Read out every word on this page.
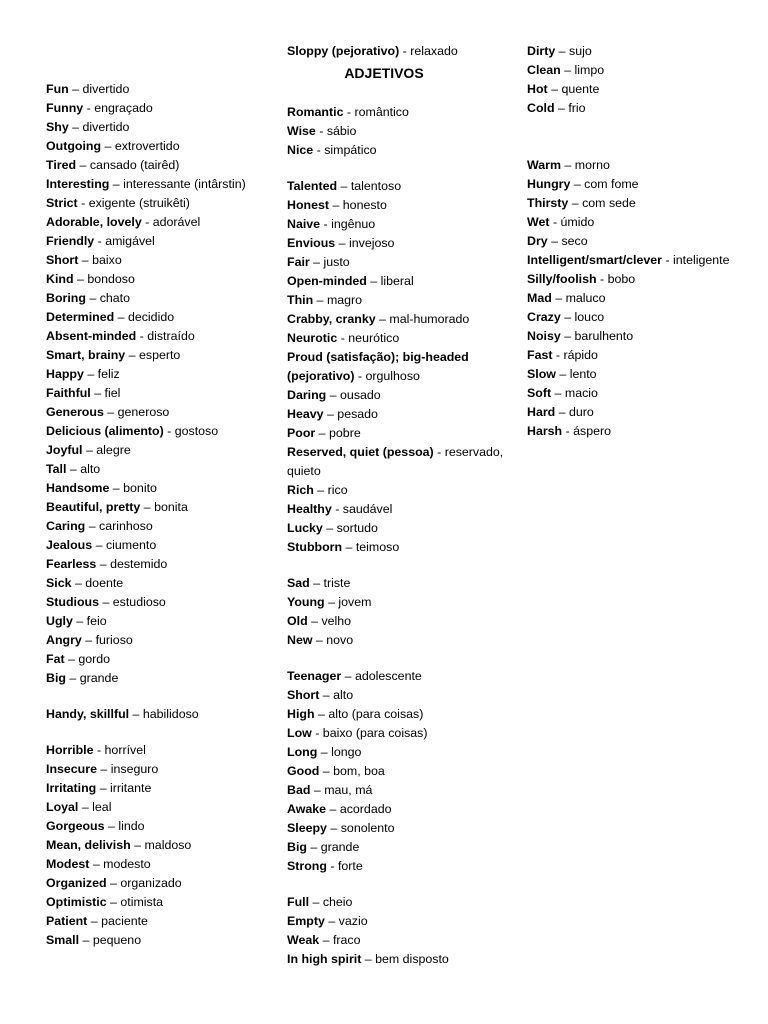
Fun – divertido
Funny - engraçado
Shy – divertido
Outgoing – extrovertido
Tired – cansado (tairêd)
Interesting – interessante (intârstin)
Strict - exigente (struikêti)
Adorable, lovely - adorável
Friendly - amigável
Short – baixo
Kind – bondoso
Boring – chato
Determined – decidido
Absent-minded - distraído
Smart, brainy – esperto
Happy – feliz
Faithful – fiel
Generous – generoso
Delicious (alimento) - gostoso
Joyful – alegre
Tall – alto
Handsome – bonito
Beautiful, pretty – bonita
Caring – carinhoso
Jealous – ciumento
Fearless – destemido
Sick – doente
Studious – estudioso
Ugly – feio
Angry – furioso
Fat – gordo
Big – grande
Handy, skillful – habilidoso
Horrible - horrível
Insecure – inseguro
Irritating – irritante
Loyal – leal
Gorgeous – lindo
Mean, delivish – maldoso
Modest – modesto
Organized – organizado
Optimistic – otimista
Patient – paciente
Small – pequeno
Sloppy (pejorativo) - relaxado
ADJETIVOS
Romantic - romântico
Wise - sábio
Nice - simpático
Talented – talentoso
Honest – honesto
Naive - ingênuo
Envious – invejoso
Fair – justo
Open-minded – liberal
Thin – magro
Crabby, cranky – mal-humorado
Neurotic - neurótico
Proud (satisfação); big-headed (pejorativo) - orgulhoso
Daring – ousado
Heavy – pesado
Poor – pobre
Reserved, quiet (pessoa) - reservado, quieto
Rich – rico
Healthy - saudável
Lucky – sortudo
Stubborn – teimoso
Sad – triste
Young – jovem
Old – velho
New – novo
Teenager – adolescente
Short – alto
High – alto (para coisas)
Low - baixo (para coisas)
Long – longo
Good – bom, boa
Bad – mau, má
Awake – acordado
Sleepy – sonolento
Big – grande
Strong - forte
Full – cheio
Empty – vazio
Weak – fraco
In high spirit – bem disposto
Dirty – sujo
Clean – limpo
Hot – quente
Cold – frio
Warm – morno
Hungry – com fome
Thirsty – com sede
Wet - úmido
Dry – seco
Intelligent/smart/clever - inteligente
Silly/foolish - bobo
Mad – maluco
Crazy – louco
Noisy – barulhento
Fast - rápido
Slow – lento
Soft – macio
Hard – duro
Harsh - áspero
